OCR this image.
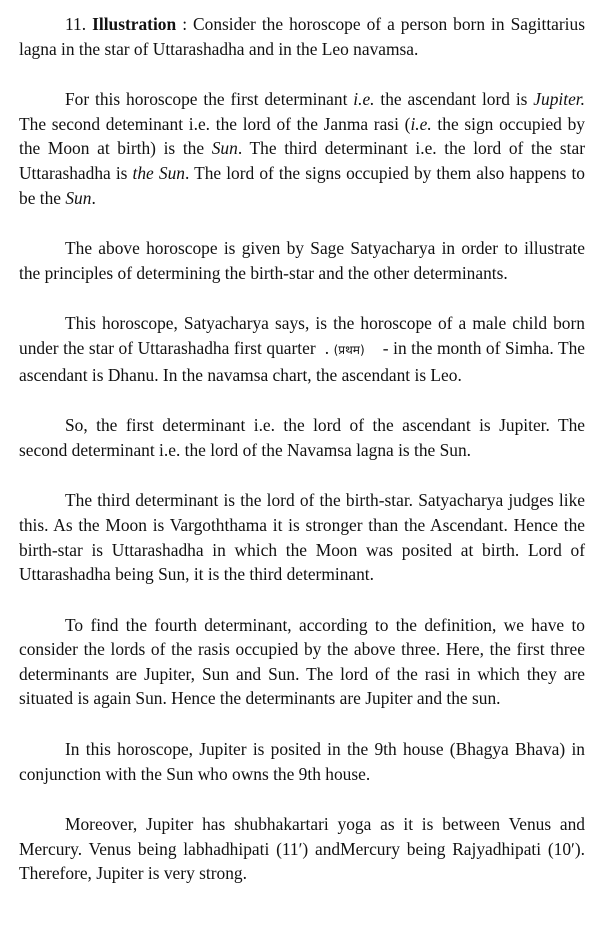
11. Illustration : Consider the horoscope of a person born in Sagittarius lagna in the star of Uttarashadha and in the Leo navamsa.

For this horoscope the first determinant i.e. the ascendant lord is Jupiter. The second deteminant i.e. the lord of the Janma rasi (i.e. the sign occupied by the Moon at birth) is the Sun. The third determinant i.e. the lord of the star Uttarashadha is the Sun. The lord of the signs occupied by them also happens to be the Sun.

The above horoscope is given by Sage Satyacharya in order to illustrate the principles of determining the birth-star and the other determinants.

This horoscope, Satyacharya says, is the horoscope of a male child born under the star of Uttarashadha first quarter  . (प्रथम)    - in the month of Simha. The ascendant is Dhanu. In the navamsa chart, the ascendant is Leo.

So, the first determinant i.e. the lord of the ascendant is Jupiter. The second determinant i.e. the lord of the Navamsa lagna is the Sun.

The third determinant is the lord of the birth-star. Satyacharya judges like this. As the Moon is Vargoththama it is stronger than the Ascendant. Hence the birth-star is Uttarashadha in which the Moon was posited at birth. Lord of Uttarashadha being Sun, it is the third determinant.

To find the fourth determinant, according to the definition, we have to consider the lords of the rasis occupied by the above three. Here, the first three determinants are Jupiter, Sun and Sun. The lord of the rasi in which they are situated is again Sun. Hence the determinants are Jupiter and the sun.

In this horoscope, Jupiter is posited in the 9th house (Bhagya Bhava) in conjunction with the Sun who owns the 9th house.

Moreover, Jupiter has shubhakartari yoga as it is between Venus and Mercury. Venus being labhadhipati (11ʹ) andMercury being Rajyadhipati (10ʹ). Therefore, Jupiter is very strong.
